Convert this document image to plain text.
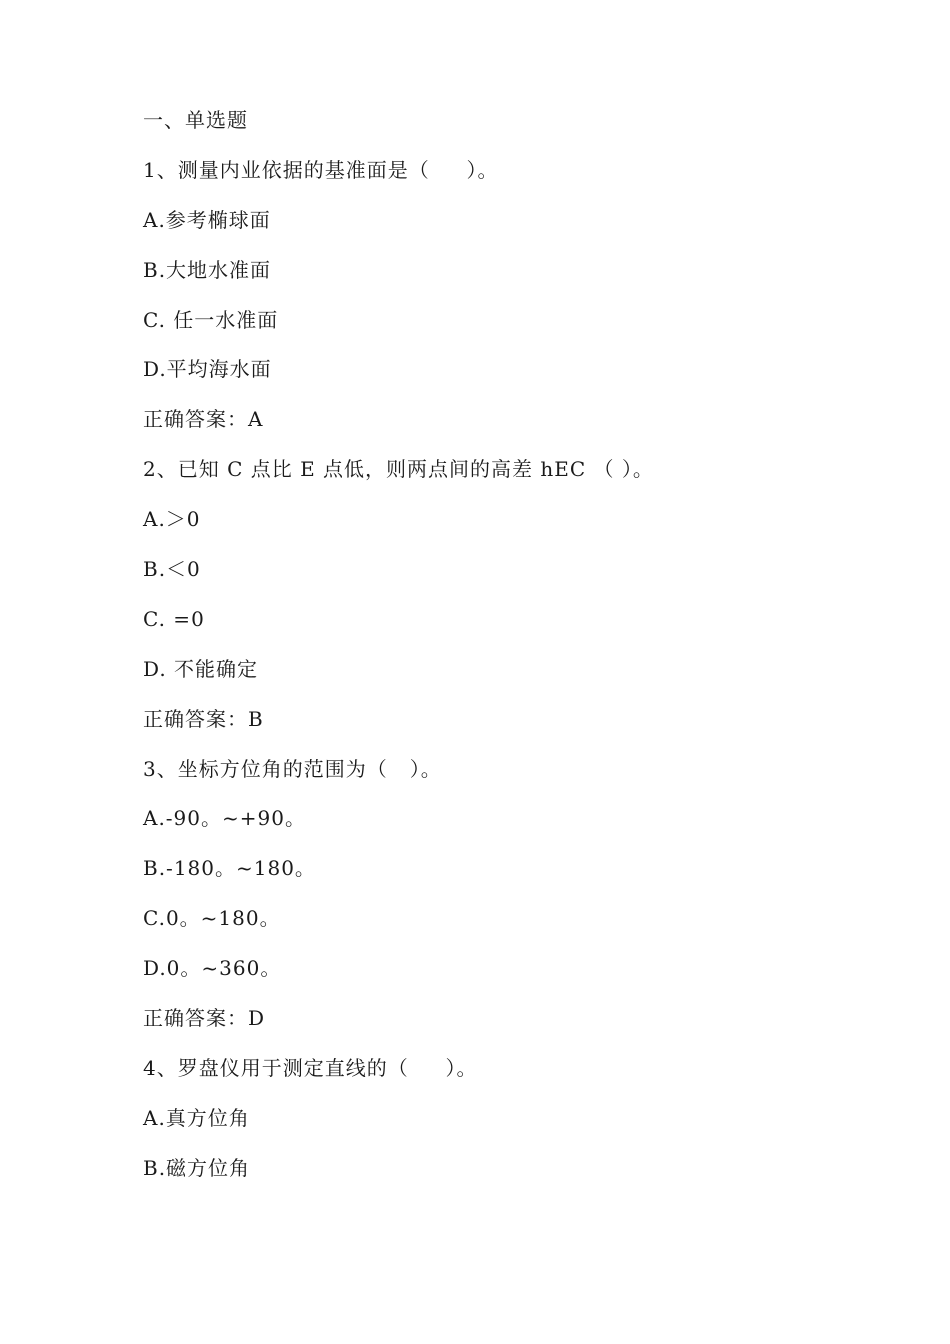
一、单选题
1、测量内业依据的基准面是（     ）。
A.参考椭球面
B.大地水准面
C. 任一水准面
D.平均海水面
正确答案：A
2、已知 C 点比 E 点低，则两点间的高差 hEC （ ）。
A.＞0
B.＜0
C. =0
D. 不能确定
正确答案：B
3、坐标方位角的范围为（   ）。
A.-90。~+90。
B.-180。~180。
C.0。~180。
D.0。~360。
正确答案：D
4、罗盘仪用于测定直线的（     ）。
A.真方位角
B.磁方位角
